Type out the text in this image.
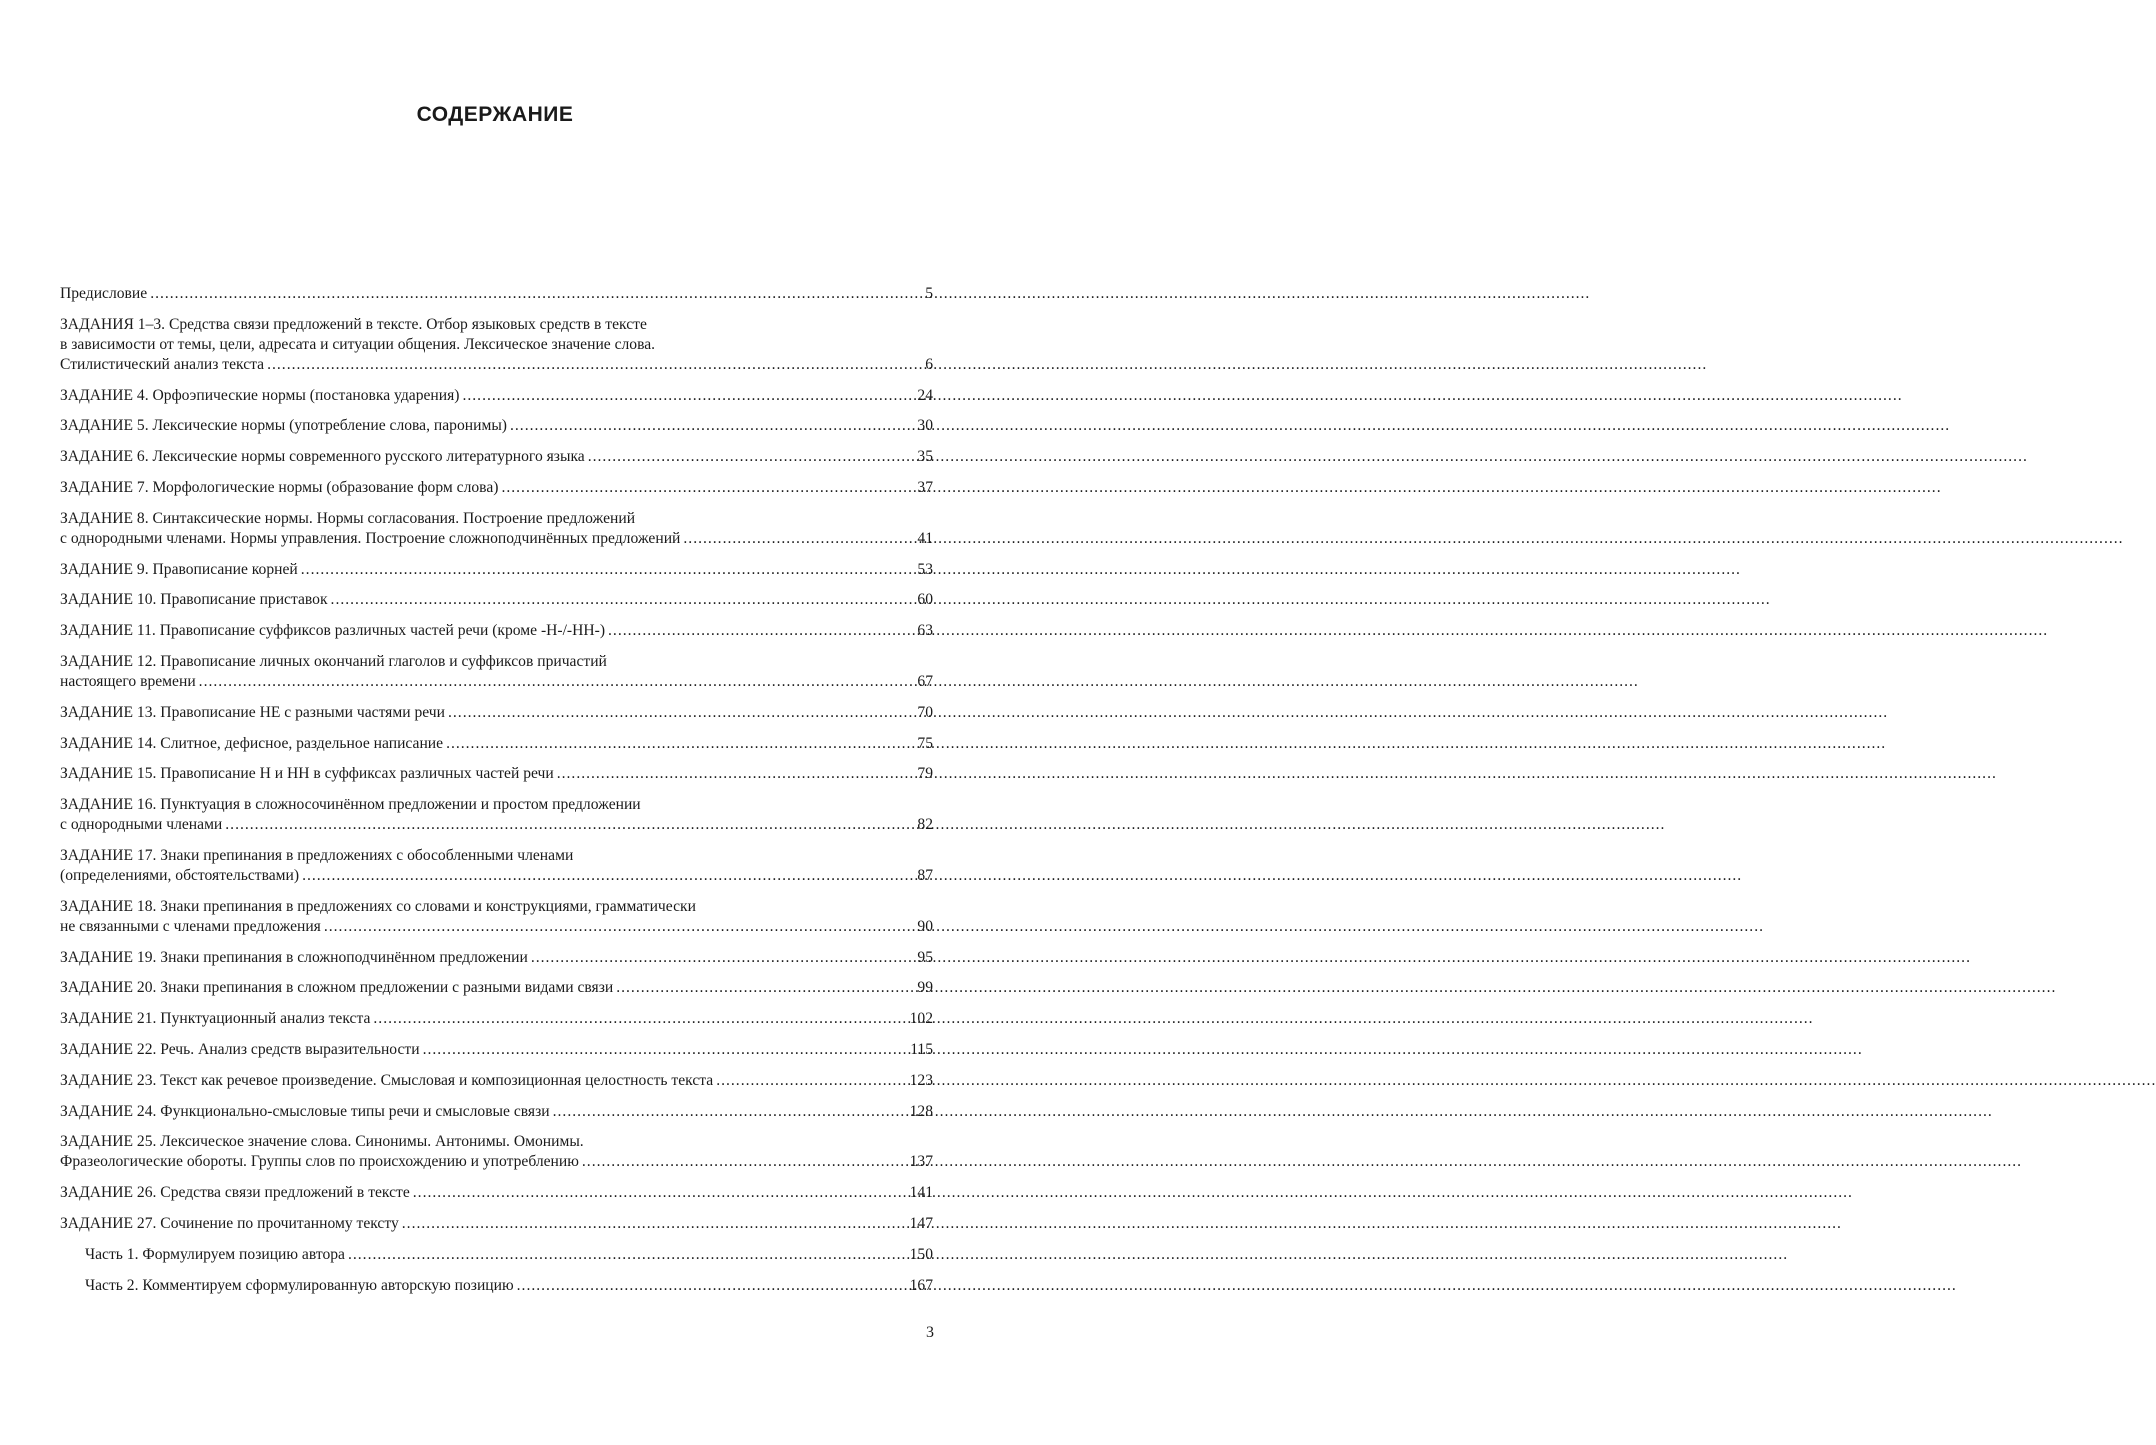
СОДЕРЖАНИЕ
Предисловие .....	5
ЗАДАНИЯ 1–3. Средства связи предложений в тексте. Отбор языковых средств в тексте
в зависимости от темы, цели, адресата и ситуации общения. Лексическое значение слова.
Стилистический анализ текста .....	6
ЗАДАНИЕ 4. Орфоэпические нормы (постановка ударения) .....	24
ЗАДАНИЕ 5. Лексические нормы (употребление слова, паронимы) .....	30
ЗАДАНИЕ 6. Лексические нормы современного русского литературного языка .....	35
ЗАДАНИЕ 7. Морфологические нормы (образование форм слова) .....	37
ЗАДАНИЕ 8. Синтаксические нормы. Нормы согласования. Построение предложений
с однородными членами. Нормы управления. Построение сложноподчинённых предложений .....	41
ЗАДАНИЕ 9. Правописание корней .....	53
ЗАДАНИЕ 10. Правописание приставок .....	60
ЗАДАНИЕ 11. Правописание суффиксов различных частей речи (кроме -Н-/-НН-) .....	63
ЗАДАНИЕ 12. Правописание личных окончаний глаголов и суффиксов причастий
настоящего времени .....	67
ЗАДАНИЕ 13. Правописание НЕ с разными частями речи .....	70
ЗАДАНИЕ 14. Слитное, дефисное, раздельное написание .....	75
ЗАДАНИЕ 15. Правописание Н и НН в суффиксах различных частей речи .....	79
ЗАДАНИЕ 16. Пунктуация в сложносочинённом предложении и простом предложении
с однородными членами .....	82
ЗАДАНИЕ 17. Знаки препинания в предложениях с обособленными членами
(определениями, обстоятельствами) .....	87
ЗАДАНИЕ 18. Знаки препинания в предложениях со словами и конструкциями, грамматически
не связанными с членами предложения .....	90
ЗАДАНИЕ 19. Знаки препинания в сложноподчинённом предложении .....	95
ЗАДАНИЕ 20. Знаки препинания в сложном предложении с разными видами связи .....	99
ЗАДАНИЕ 21. Пунктуационный анализ текста .....	102
ЗАДАНИЕ 22. Речь. Анализ средств выразительности .....	115
ЗАДАНИЕ 23. Текст как речевое произведение. Смысловая и композиционная целостность текста .....	123
ЗАДАНИЕ 24. Функционально-смысловые типы речи и смысловые связи .....	128
ЗАДАНИЕ 25. Лексическое значение слова. Синонимы. Антонимы. Омонимы.
Фразеологические обороты. Группы слов по происхождению и употреблению .....	137
ЗАДАНИЕ 26. Средства связи предложений в тексте .....	141
ЗАДАНИЕ 27. Сочинение по прочитанному тексту .....	147
Часть 1. Формулируем позицию автора .....	150
Часть 2. Комментируем сформулированную авторскую позицию .....	167
3
